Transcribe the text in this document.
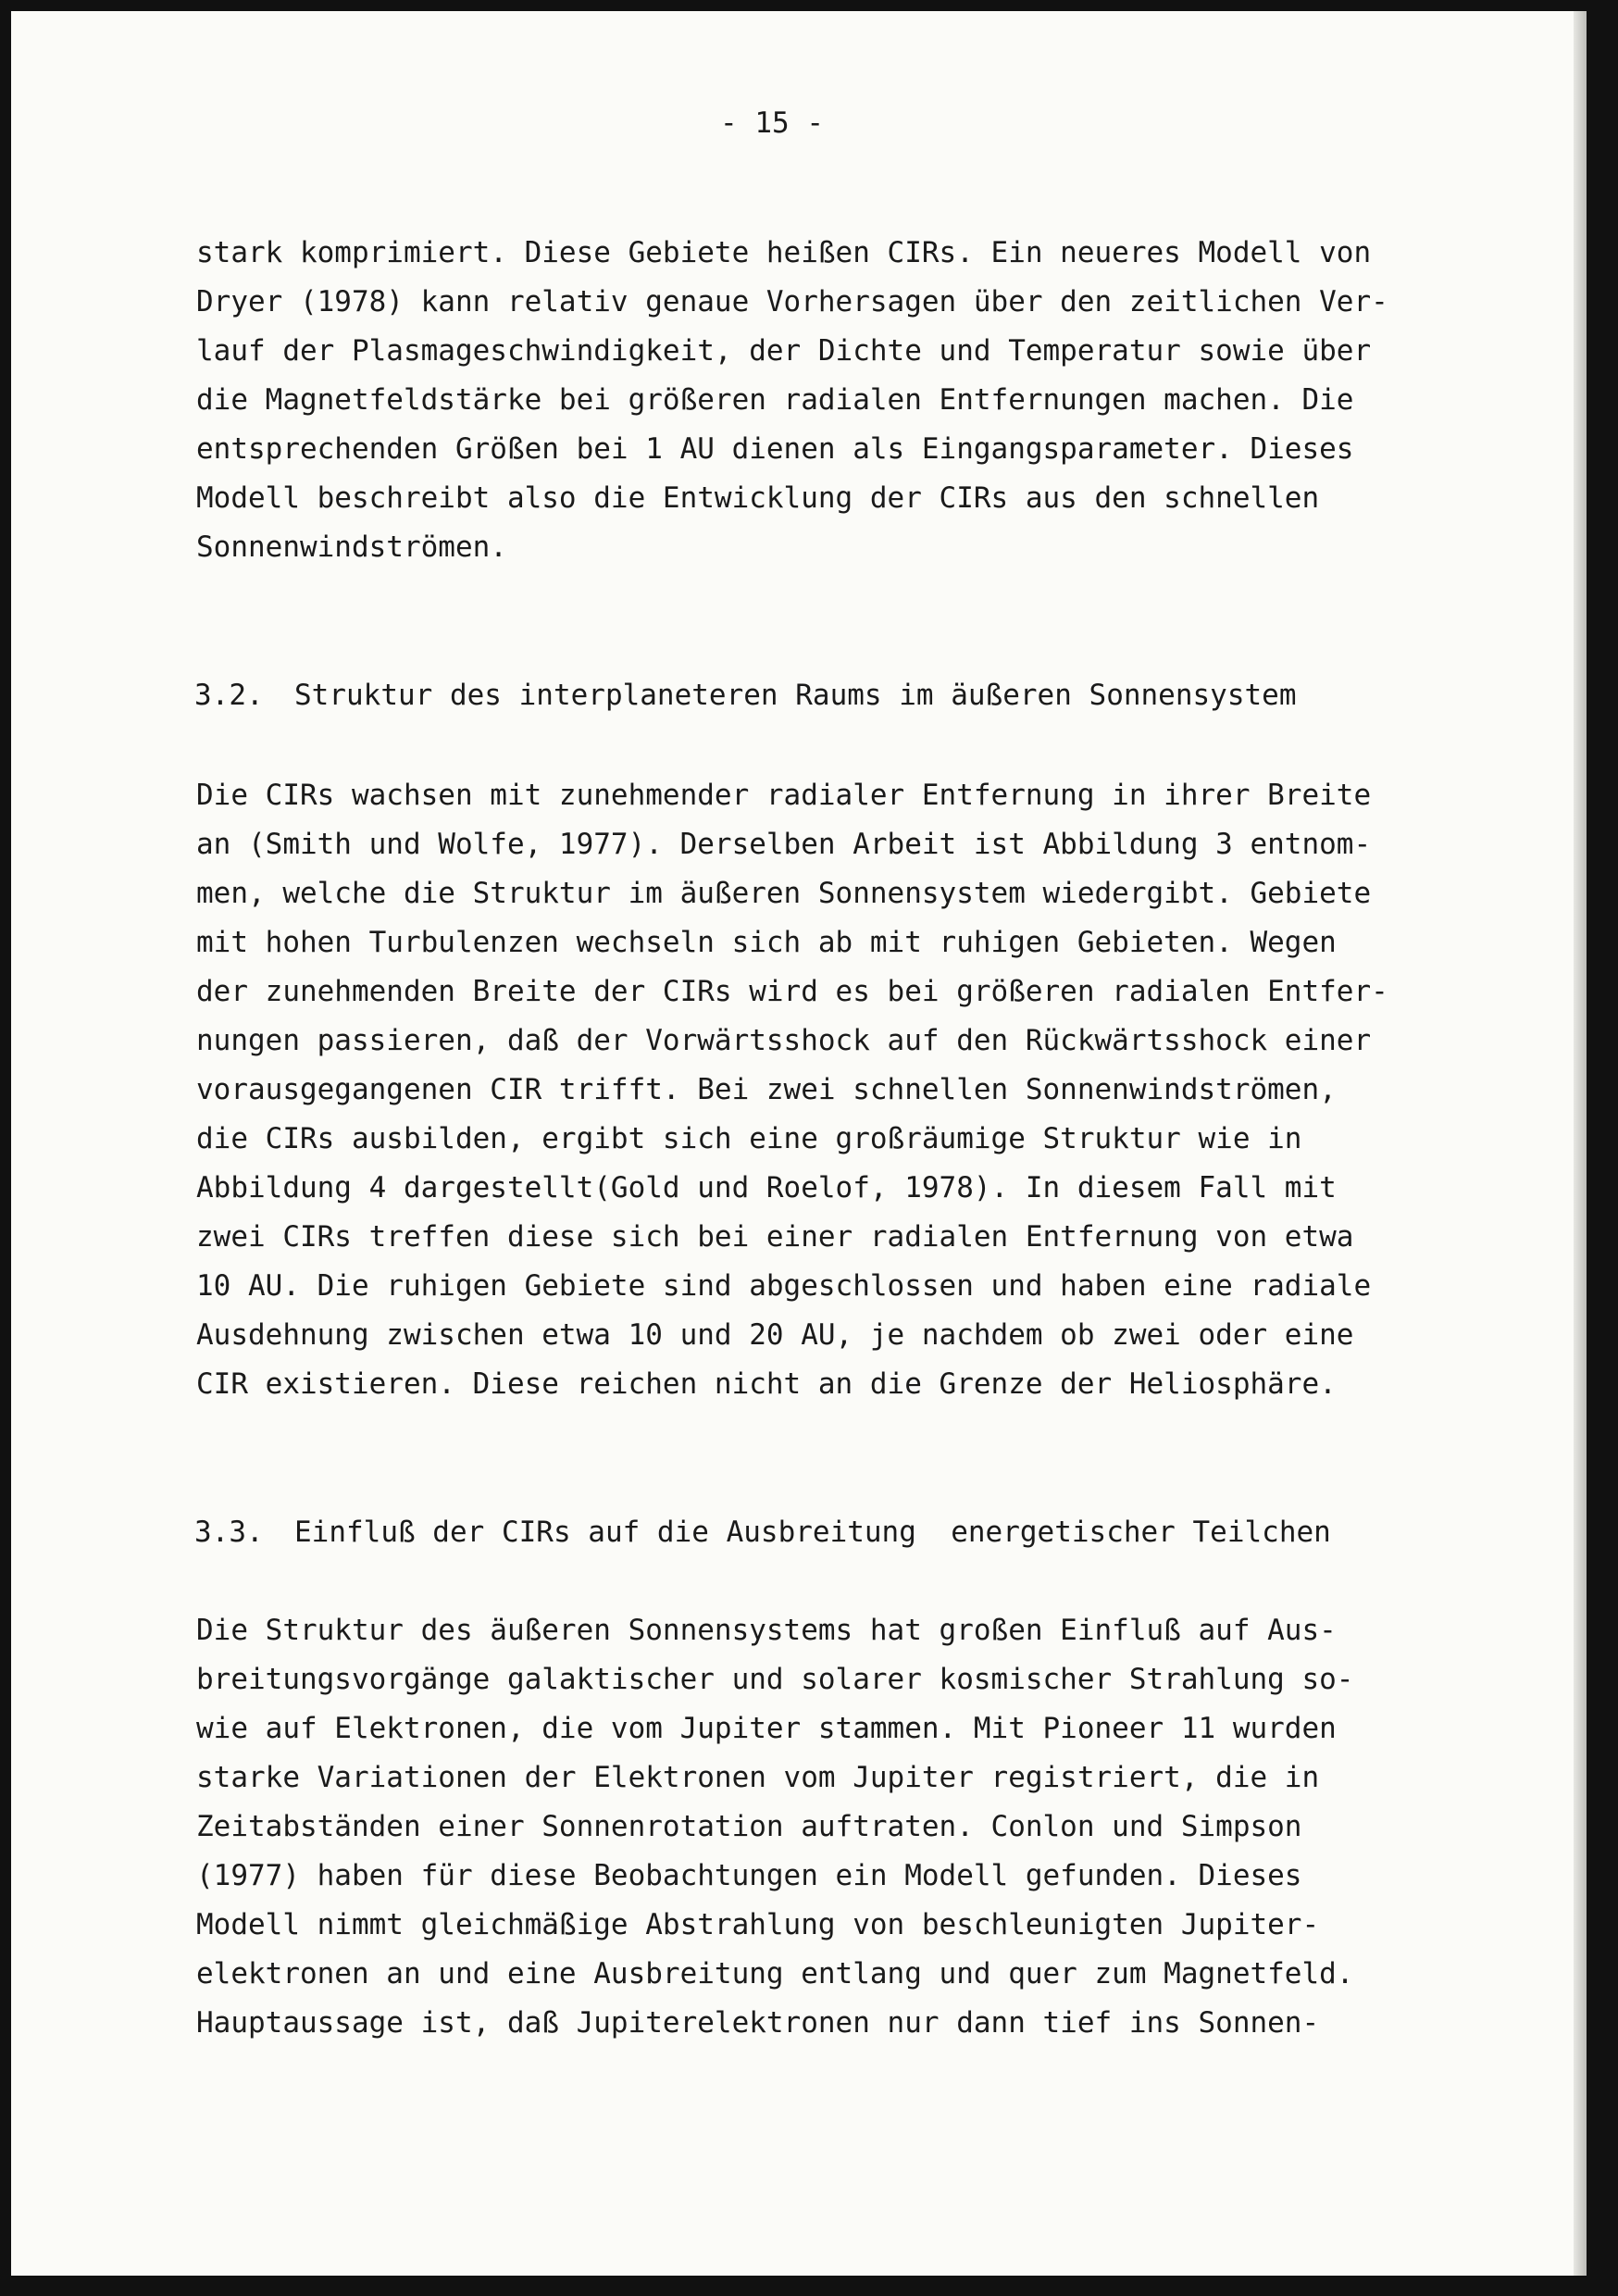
- 15 -
stark komprimiert. Diese Gebiete heißen CIRs. Ein neueres Modell von
Dryer (1978) kann relativ genaue Vorhersagen über den zeitlichen Ver-
lauf der Plasmageschwindigkeit, der Dichte und Temperatur sowie über
die Magnetfeldstärke bei größeren radialen Entfernungen machen. Die
entsprechenden Größen bei 1 AU dienen als Eingangsparameter. Dieses
Modell beschreibt also die Entwicklung der CIRs aus den schnellen
Sonnenwindströmen.
3.2. Struktur des interplaneteren Raums im äußeren Sonnensystem
Die CIRs wachsen mit zunehmender radialer Entfernung in ihrer Breite
an (Smith und Wolfe, 1977). Derselben Arbeit ist Abbildung 3 entnom-
men, welche die Struktur im äußeren Sonnensystem wiedergibt. Gebiete
mit hohen Turbulenzen wechseln sich ab mit ruhigen Gebieten. Wegen
der zunehmenden Breite der CIRs wird es bei größeren radialen Entfer-
nungen passieren, daß der Vorwärtsshock auf den Rückwärtsshock einer
vorausgegangenen CIR trifft. Bei zwei schnellen Sonnenwindströmen,
die CIRs ausbilden, ergibt sich eine großräumige Struktur wie in
Abbildung 4 dargestellt(Gold und Roelof, 1978). In diesem Fall mit
zwei CIRs treffen diese sich bei einer radialen Entfernung von etwa
10 AU. Die ruhigen Gebiete sind abgeschlossen und haben eine radiale
Ausdehnung zwischen etwa 10 und 20 AU, je nachdem ob zwei oder eine
CIR existieren. Diese reichen nicht an die Grenze der Heliosphäre.
3.3. Einfluß der CIRs auf die Ausbreitung  energetischer Teilchen
Die Struktur des äußeren Sonnensystems hat großen Einfluß auf Aus-
breitungsvorgänge galaktischer und solarer kosmischer Strahlung so-
wie auf Elektronen, die vom Jupiter stammen. Mit Pioneer 11 wurden
starke Variationen der Elektronen vom Jupiter registriert, die in
Zeitabständen einer Sonnenrotation auftraten. Conlon und Simpson
(1977) haben für diese Beobachtungen ein Modell gefunden. Dieses
Modell nimmt gleichmäßige Abstrahlung von beschleunigten Jupiter-
elektronen an und eine Ausbreitung entlang und quer zum Magnetfeld.
Hauptaussage ist, daß Jupiterelektronen nur dann tief ins Sonnen-
